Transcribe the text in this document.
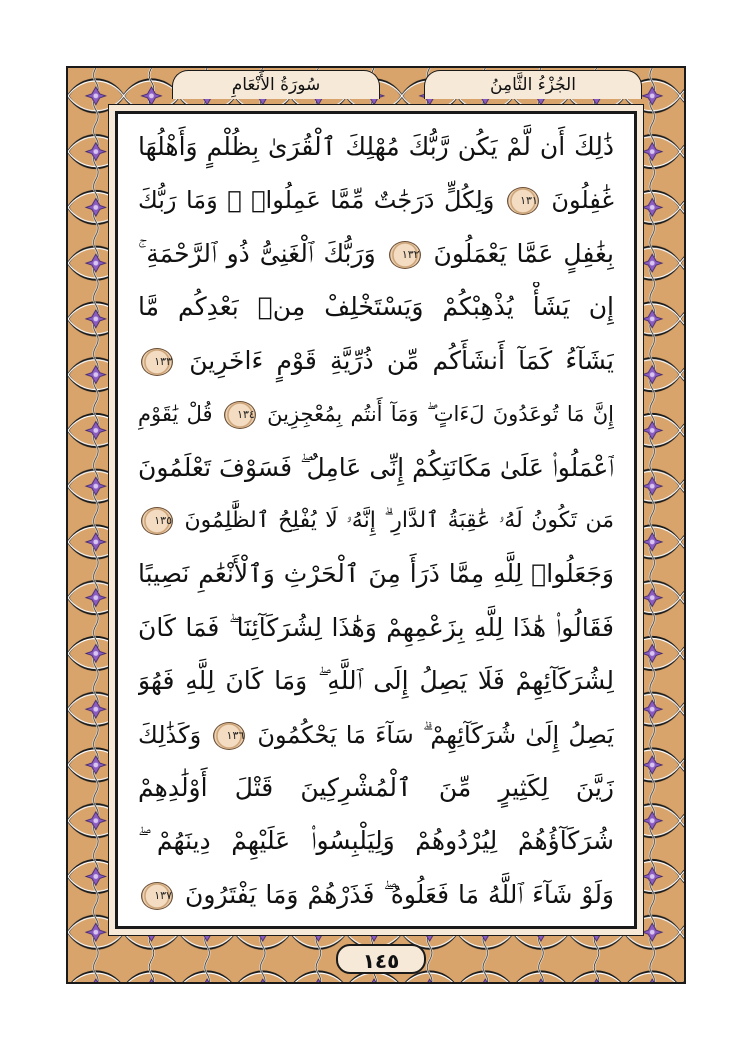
الجُزْءُ الثَّامِنُ
سُورَةُ الأَنْعَامِ
ذَٰلِكَ أَن لَّمْ يَكُن رَّبُّكَ مُهْلِكَ ٱلْقُرَىٰ بِظُلْمٍ وَأَهْلُهَا
غَٰفِلُونَ ١٣١ وَلِكُلٍّ دَرَجَٰتٌ مِّمَّا عَمِلُوا۟ ۚ وَمَا رَبُّكَ
بِغَٰفِلٍ عَمَّا يَعْمَلُونَ ١٣٢ وَرَبُّكَ ٱلْغَنِىُّ ذُو ٱلرَّحْمَةِ ۚ
إِن يَشَأْ يُذْهِبْكُمْ وَيَسْتَخْلِفْ مِنۢ بَعْدِكُم مَّا
يَشَآءُ كَمَآ أَنشَأَكُم مِّن ذُرِّيَّةِ قَوْمٍ ءَاخَرِينَ ١٣٣
إِنَّ مَا تُوعَدُونَ لَءَاتٍ ۖ وَمَآ أَنتُم بِمُعْجِزِينَ ١٣٤ قُلْ يَٰقَوْمِ
ٱعْمَلُوا۟ عَلَىٰ مَكَانَتِكُمْ إِنِّى عَامِلٌ ۖ فَسَوْفَ تَعْلَمُونَ
مَن تَكُونُ لَهُۥ عَٰقِبَةُ ٱلدَّارِ ۗ إِنَّهُۥ لَا يُفْلِحُ ٱلظَّٰلِمُونَ ١٣٥
وَجَعَلُوا۟ لِلَّهِ مِمَّا ذَرَأَ مِنَ ٱلْحَرْثِ وَٱلْأَنْعَٰمِ نَصِيبًا
فَقَالُوا۟ هَٰذَا لِلَّهِ بِزَعْمِهِمْ وَهَٰذَا لِشُرَكَآئِنَا ۖ فَمَا كَانَ
لِشُرَكَآئِهِمْ فَلَا يَصِلُ إِلَى ٱللَّهِ ۖ وَمَا كَانَ لِلَّهِ فَهُوَ
يَصِلُ إِلَىٰ شُرَكَآئِهِمْ ۗ سَآءَ مَا يَحْكُمُونَ ١٣٦ وَكَذَٰلِكَ
زَيَّنَ لِكَثِيرٍ مِّنَ ٱلْمُشْرِكِينَ قَتْلَ أَوْلَٰدِهِمْ
شُرَكَآؤُهُمْ لِيُرْدُوهُمْ وَلِيَلْبِسُوا۟ عَلَيْهِمْ دِينَهُمْ ۖ
وَلَوْ شَآءَ ٱللَّهُ مَا فَعَلُوهُ ۖ فَذَرْهُمْ وَمَا يَفْتَرُونَ ١٣٧
١٤٥
